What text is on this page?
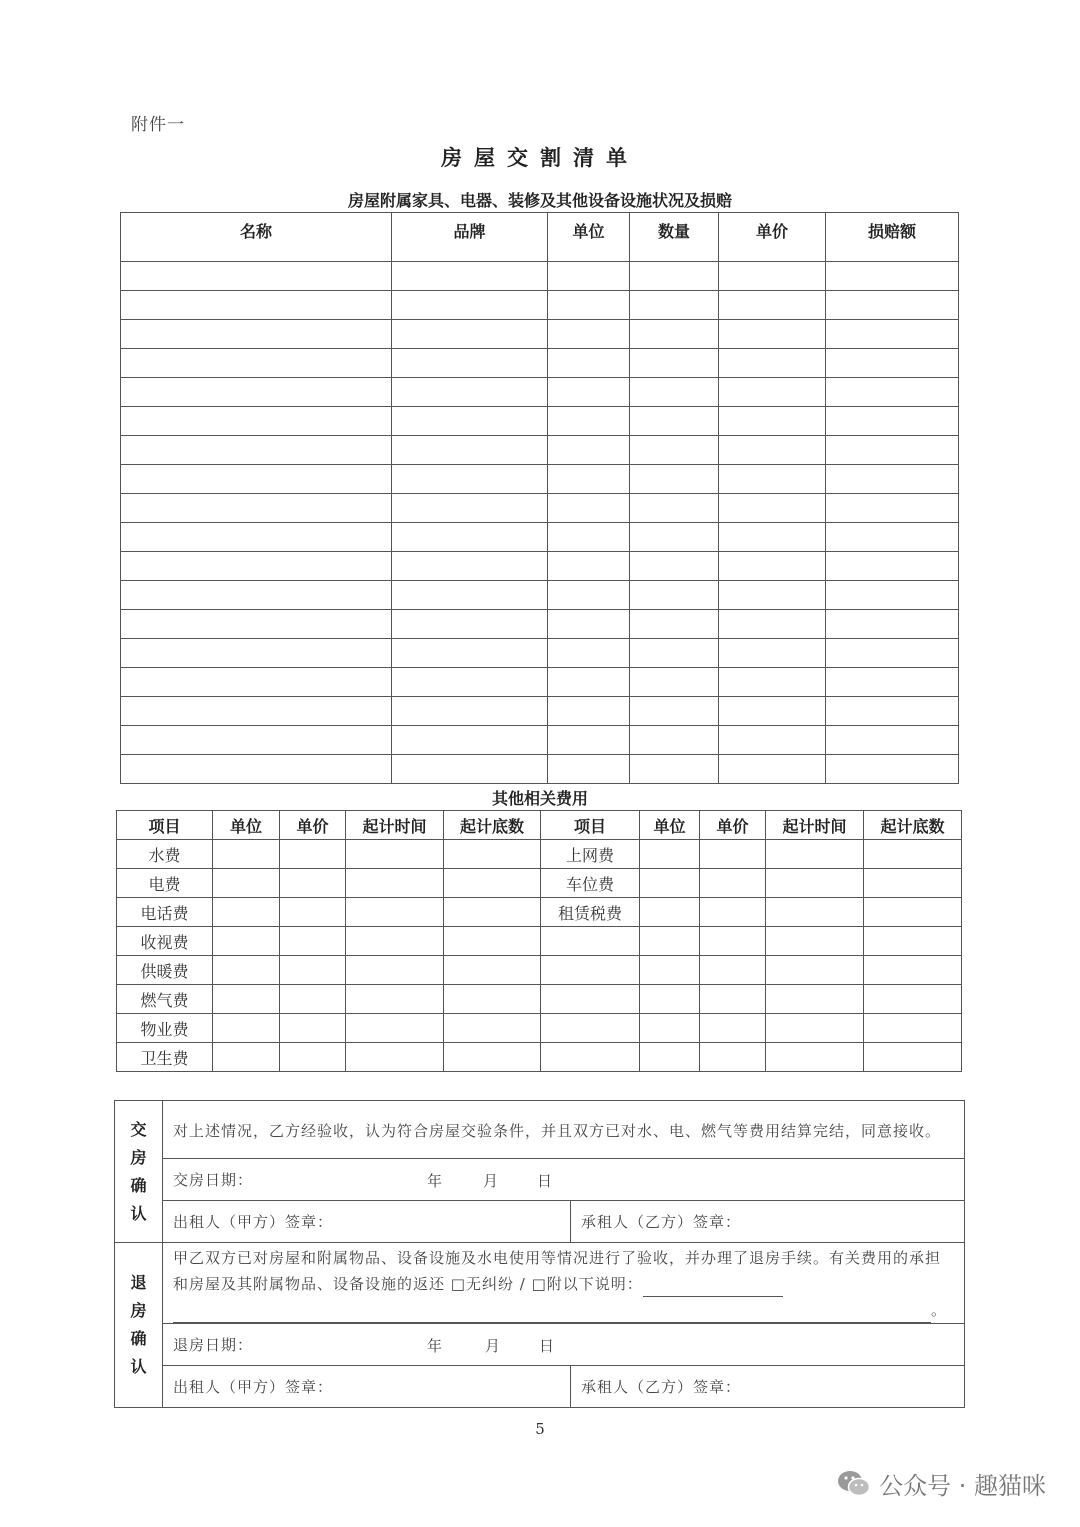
附件一
房屋交割清单
房屋附属家具、电器、装修及其他设备设施状况及损赔
名称	品牌	单位	数量	单价	损赔额

其他相关费用
项目	单位	单价	起计时间	起计底数	项目	单位	单价	起计时间	起计底数
水费					上网费				
电费					车位费				
电话费					租赁税费				
收视费									
供暖费									
燃气费									
物业费									
卫生费									
交
房
确
认	对上述情况，乙方经验收，认为符合房屋交验条件，并且双方已对水、电、燃气等费用结算完结，同意接收。	
	交房日期： 年 月 日	

	出租人（甲方）签章：	承租人（乙方）签章：

退
房
确
认	甲乙双方已对房屋和附属物品、设备设施及水电使用等情况进行了验收，并办理了退房手续。有关费用的承担和房屋及其附属物品、设备设施的返还 □无纠纷 / □附以下说明：
。	
	退房日期： 年 月 日	

	出租人（甲方）签章：	承租人（乙方）签章：
5
公众号 · 趣猫咪
